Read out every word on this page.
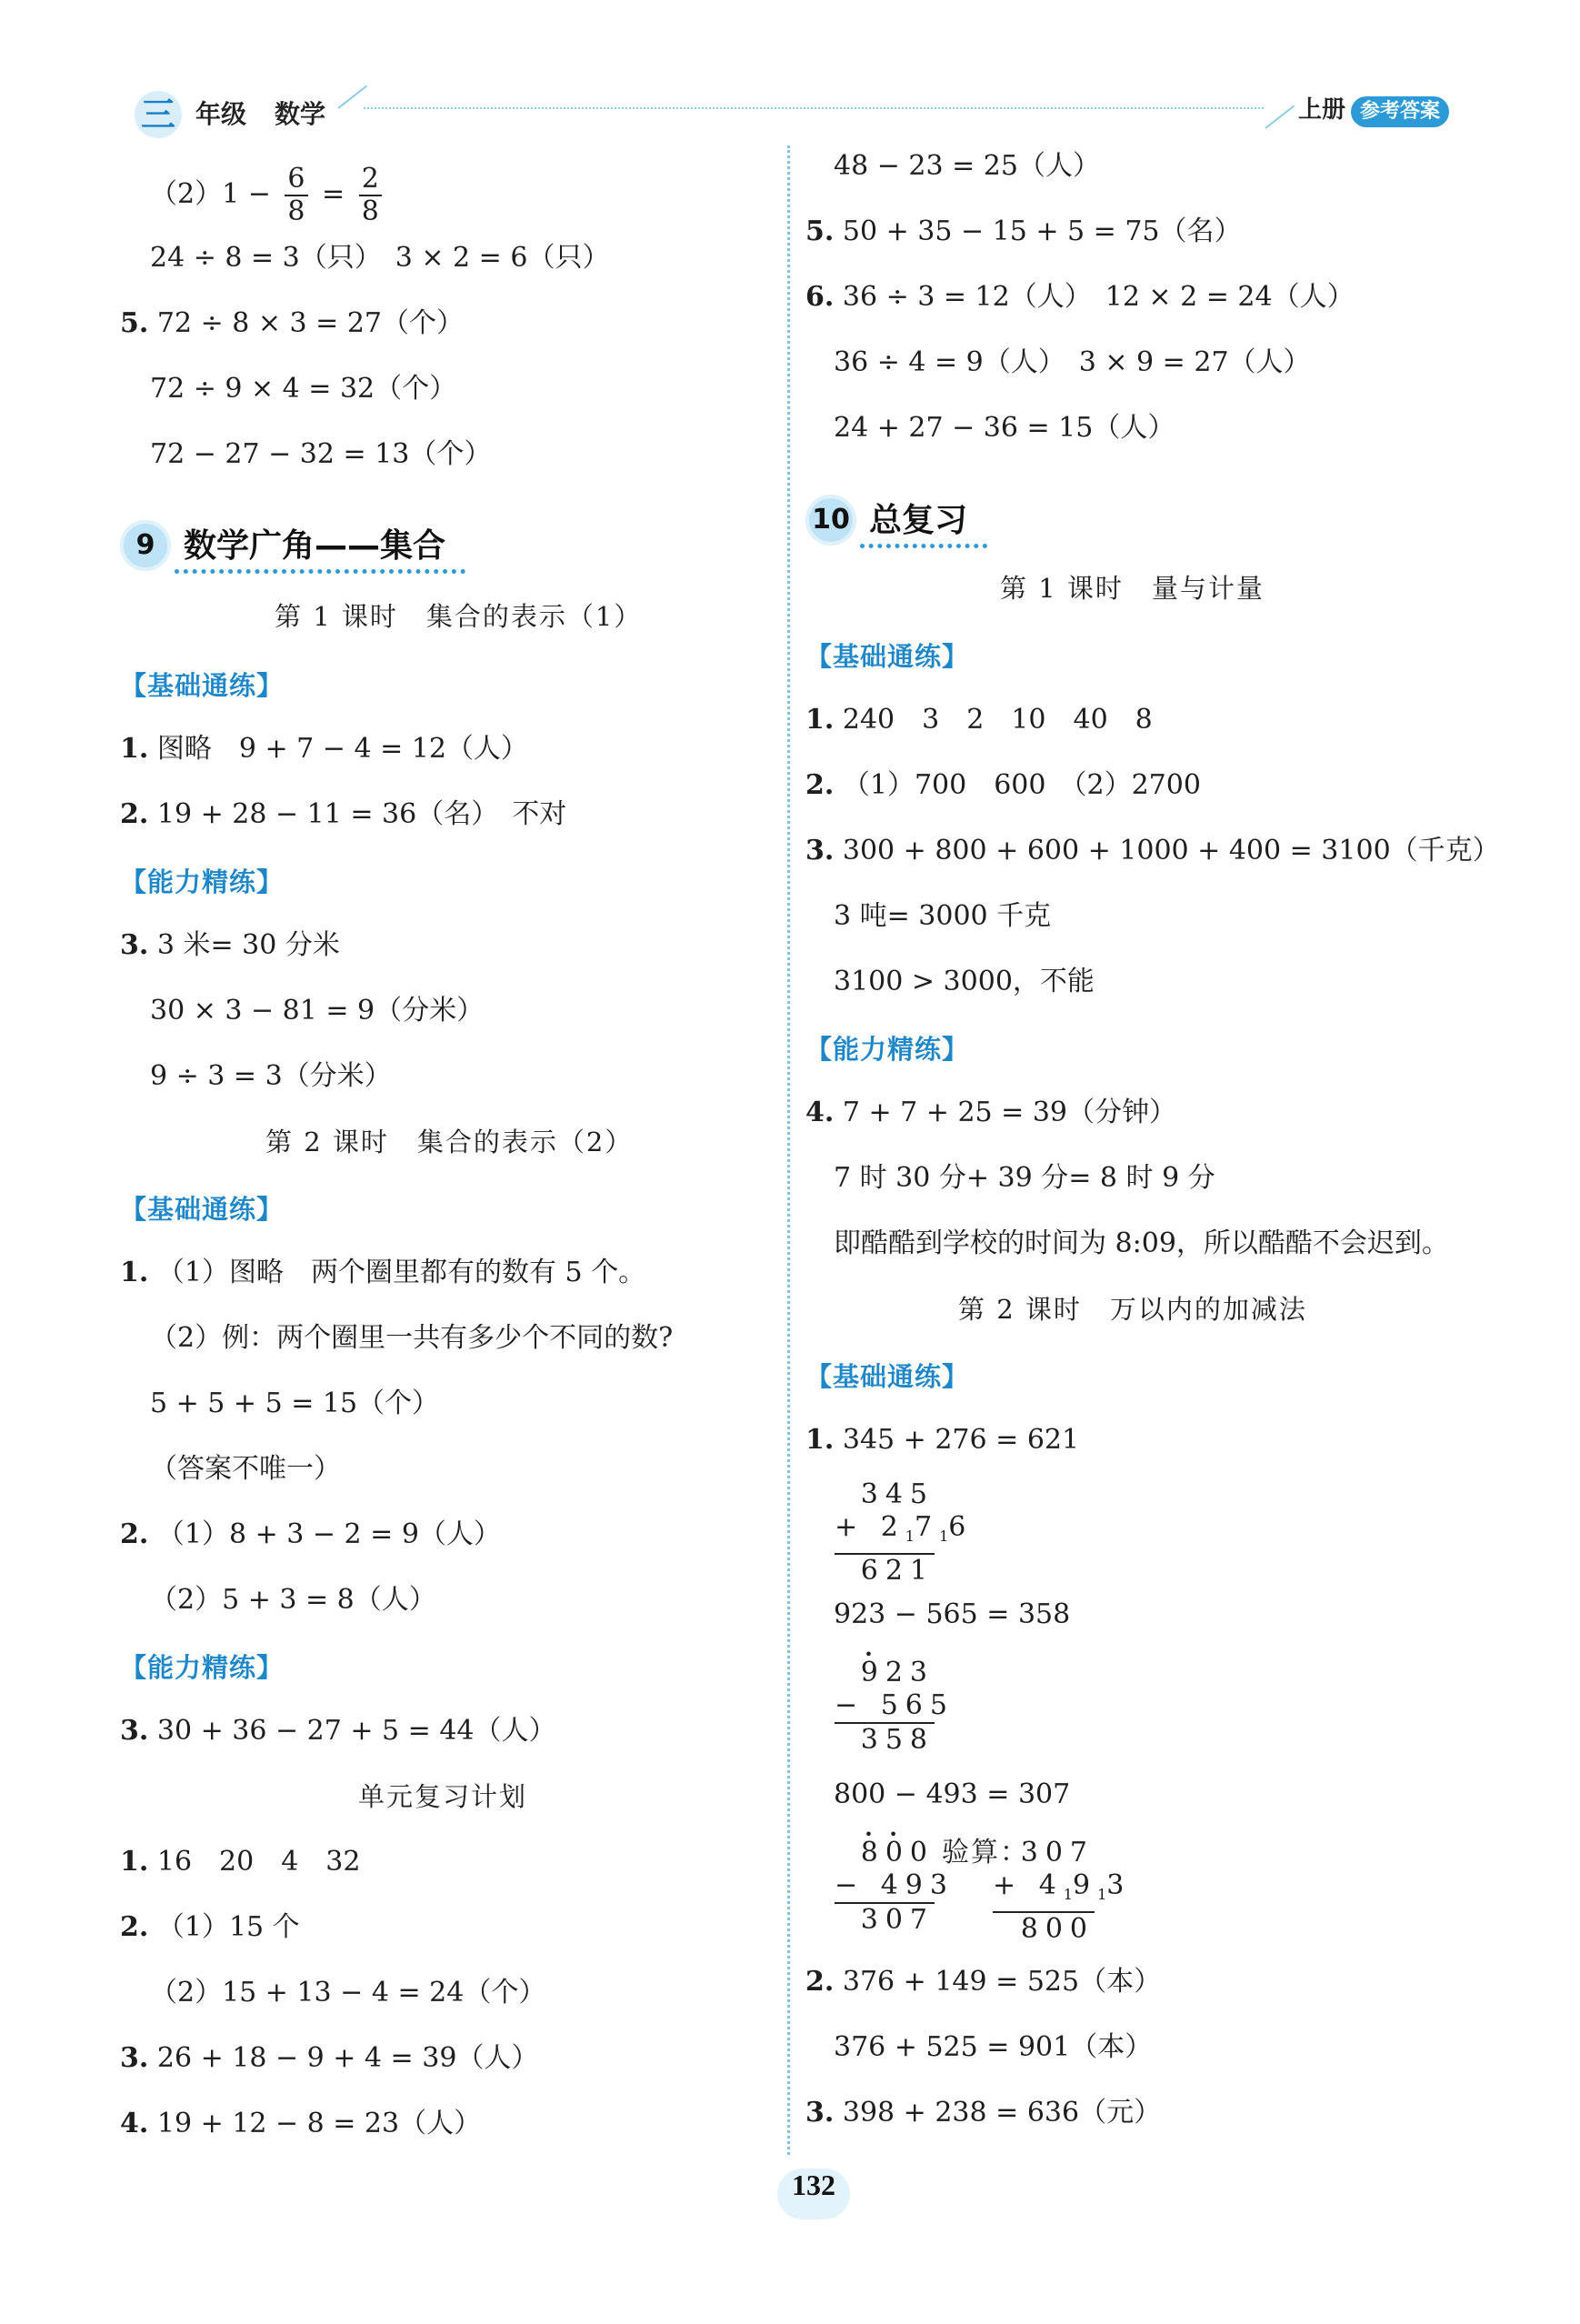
三 年级 数学	上册 参考答案
$(2)1 - \frac{6}{8} = \frac{2}{8}$
24 ÷ 8 = 3（只）　3 × 2 = 6（只）
5. 72 ÷ 8 × 3 = 27（个）
72 ÷ 9 × 4 = 32（个）
72 − 27 − 32 = 13（个）
9 数学广角——集合
第 1 课时　集合的表示（1）
【基础通练】
1. 图略　9 + 7 − 4 = 12（人）
2. 19 + 28 − 11 = 36（名）　不对
【能力精练】
3. 3 米= 30 分米
30 × 3 − 81 = 9（分米）
9 ÷ 3 = 3（分米）
第 2 课时　集合的表示（2）
【基础通练】
1. （1）图略　两个圈里都有的数有 5 个。
（2）例：两个圈里一共有多少个不同的数?
5 + 5 + 5 = 15（个）
（答案不唯一）
2. （1）8 + 3 − 2 = 9（人）
（2）5 + 3 = 8（人）
【能力精练】
3. 30 + 36 − 27 + 5 = 44（人）
单元复习计划
1. 16　20　4　32
2. （1）15 个
（2）15 + 13 − 4 = 24（个）
3. 26 + 18 − 9 + 4 = 39（人）
4. 19 + 12 − 8 = 23（人）
48 − 23 = 25（人）
5. 50 + 35 − 15 + 5 = 75（名）
6. 36 ÷ 3 = 12（人）　12 × 2 = 24（人）
36 ÷ 4 = 9（人）　3 × 9 = 27（人）
24 + 27 − 36 = 15（人）
10 总复习
第 1 课时　量与计量
【基础通练】
1. 240　3　2　10　40　8
2. （1）700　600　（2）2700
3. 300 + 800 + 600 + 1000 + 400 = 3100（千克）
3 吨= 3000 千克
3100 > 3000，不能
【能力精练】
4. 7 + 7 + 25 = 39（分钟）
7 时 30 分+ 39 分= 8 时 9 分
即酷酷到学校的时间为 8:09，所以酷酷不会迟到。
第 2 课时　万以内的加减法
【基础通练】
1. 345 + 276 = 621
345
+ $2_17_16$
621
923 − 565 = 358
• 923
− 565
358
800 − 493 = 307
• 8• 00
− 493
307
验算：
307
+ $4_19_13$
800
2. 376 + 149 = 525（本）
376 + 525 = 901（本）
3. 398 + 238 = 636（元）
132
